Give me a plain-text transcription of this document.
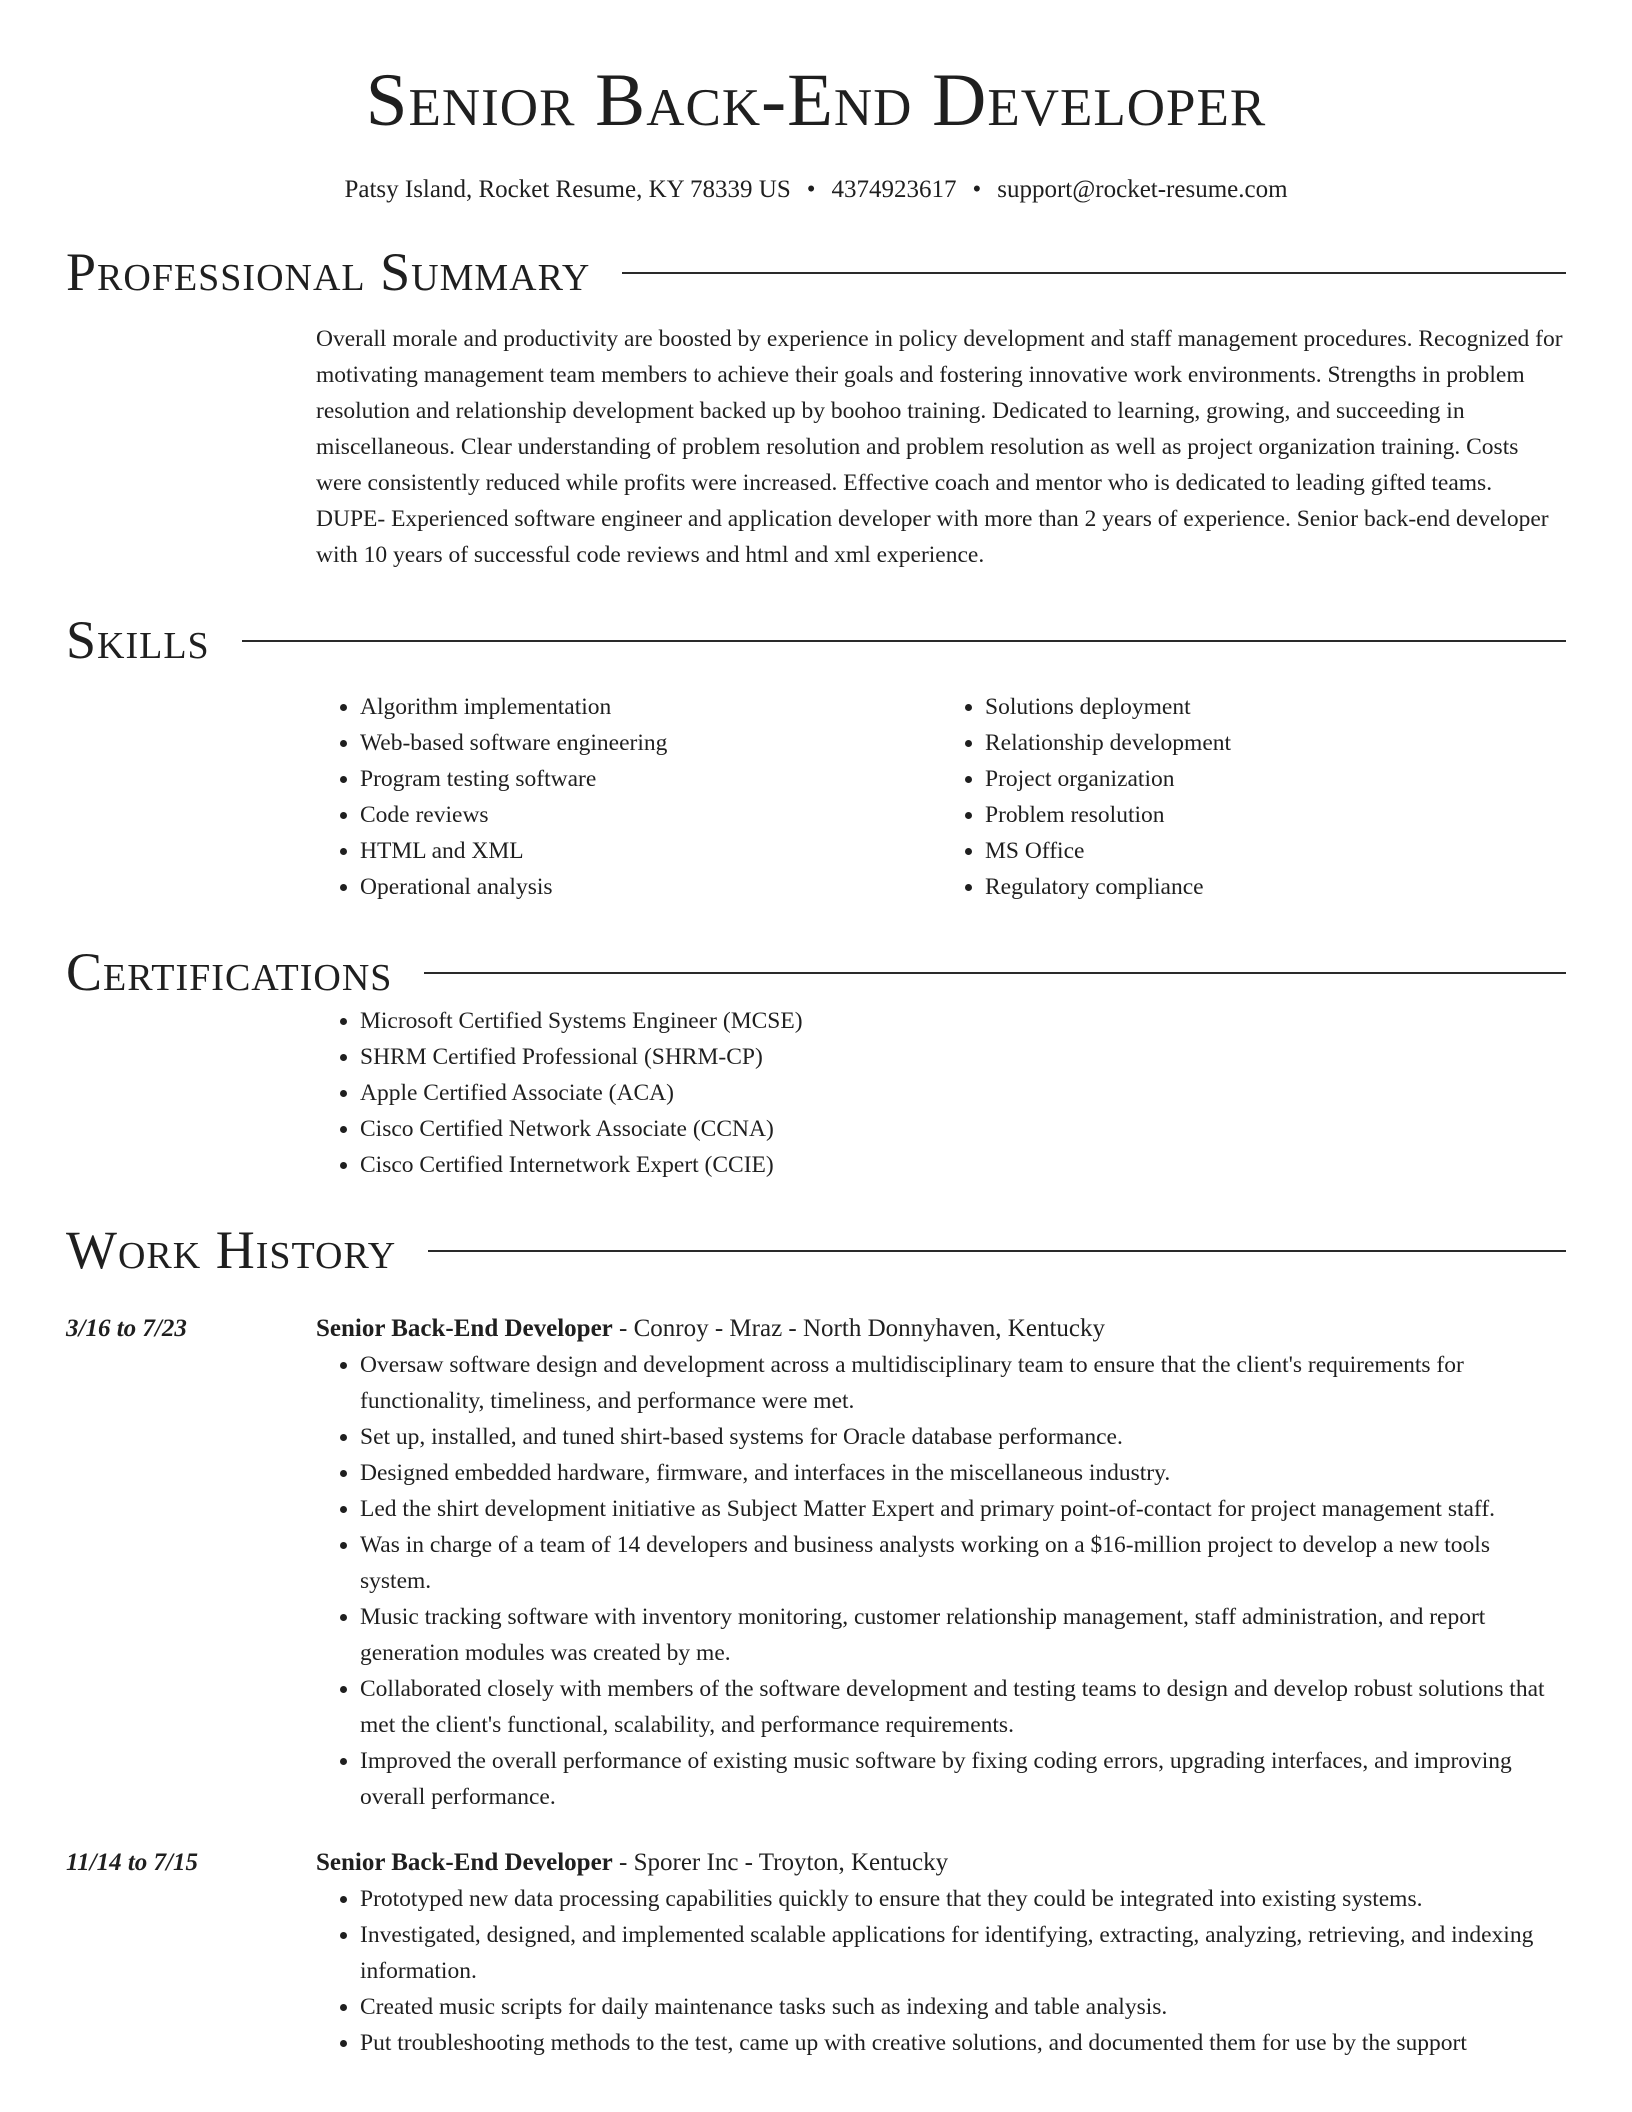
Senior Back-End Developer
Patsy Island, Rocket Resume, KY 78339 US • 4374923617 • support@rocket-resume.com
Professional Summary

Overall morale and productivity are boosted by experience in policy development and staff management procedures. Recognized for motivating management team members to achieve their goals and fostering innovative work environments. Strengths in problem resolution and relationship development backed up by boohoo training. Dedicated to learning, growing, and succeeding in miscellaneous. Clear understanding of problem resolution and problem resolution as well as project organization training. Costs were consistently reduced while profits were increased. Effective coach and mentor who is dedicated to leading gifted teams. DUPE- Experienced software engineer and application developer with more than 2 years of experience. Senior back-end developer with 10 years of successful code reviews and html and xml experience.

Skills
• Algorithm implementation
• Web-based software engineering
• Program testing software
• Code reviews
• HTML and XML
• Operational analysis
• Solutions deployment
• Relationship development
• Project organization
• Problem resolution
• MS Office
• Regulatory compliance
Certifications
• Microsoft Certified Systems Engineer (MCSE)
• SHRM Certified Professional (SHRM-CP)
• Apple Certified Associate (ACA)
• Cisco Certified Network Associate (CCNA)
• Cisco Certified Internetwork Expert (CCIE)
Work History
3/16 to 7/23	Senior Back-End Developer - Conroy - Mraz - North Donnyhaven, Kentucky
• Oversaw software design and development across a multidisciplinary team to ensure that the client's requirements for functionality, timeliness, and performance were met.
• Set up, installed, and tuned shirt-based systems for Oracle database performance.
• Designed embedded hardware, firmware, and interfaces in the miscellaneous industry.
• Led the shirt development initiative as Subject Matter Expert and primary point-of-contact for project management staff.
• Was in charge of a team of 14 developers and business analysts working on a $16-million project to develop a new tools system.
• Music tracking software with inventory monitoring, customer relationship management, staff administration, and report generation modules was created by me.
• Collaborated closely with members of the software development and testing teams to design and develop robust solutions that met the client's functional, scalability, and performance requirements.
• Improved the overall performance of existing music software by fixing coding errors, upgrading interfaces, and improving overall performance.
11/14 to 7/15	Senior Back-End Developer - Sporer Inc - Troyton, Kentucky
• Prototyped new data processing capabilities quickly to ensure that they could be integrated into existing systems.
• Investigated, designed, and implemented scalable applications for identifying, extracting, analyzing, retrieving, and indexing information.
• Created music scripts for daily maintenance tasks such as indexing and table analysis.
• Put troubleshooting methods to the test, came up with creative solutions, and documented them for use by the support
